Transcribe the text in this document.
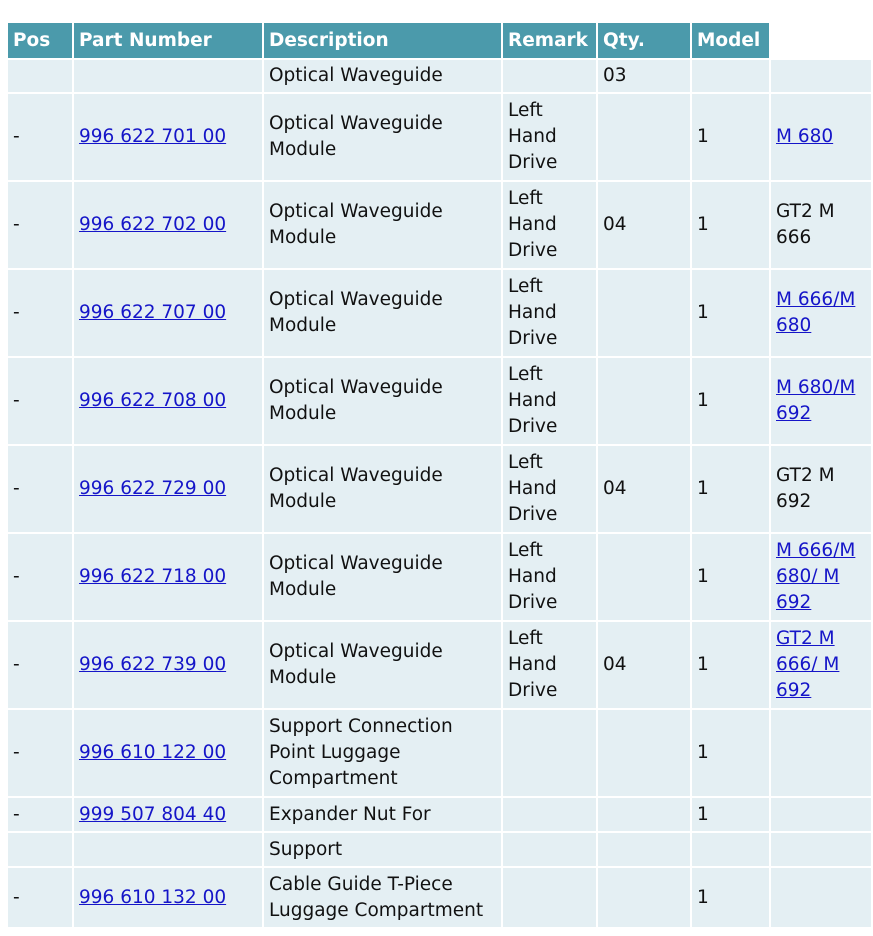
Pos	Part Number	Description	Remark	Qty.	Model	
		Optical Waveguide		03		
-	996 622 701 00	Optical Waveguide Module	Left Hand Drive		1	M 680
-	996 622 702 00	Optical Waveguide Module	Left Hand Drive	04	1	GT2 M 666
-	996 622 707 00	Optical Waveguide Module	Left Hand Drive		1	M 666/M 680
-	996 622 708 00	Optical Waveguide Module	Left Hand Drive		1	M 680/M 692
-	996 622 729 00	Optical Waveguide Module	Left Hand Drive	04	1	GT2 M 692
-	996 622 718 00	Optical Waveguide Module	Left Hand Drive		1	M 666/M 680/ M 692
-	996 622 739 00	Optical Waveguide Module	Left Hand Drive	04	1	GT2 M 666/ M 692
-	996 610 122 00	Support Connection Point Luggage Compartment			1	
-	999 507 804 40	Expander Nut For			1	
		Support				
-	996 610 132 00	Cable Guide T-Piece Luggage Compartment			1	
